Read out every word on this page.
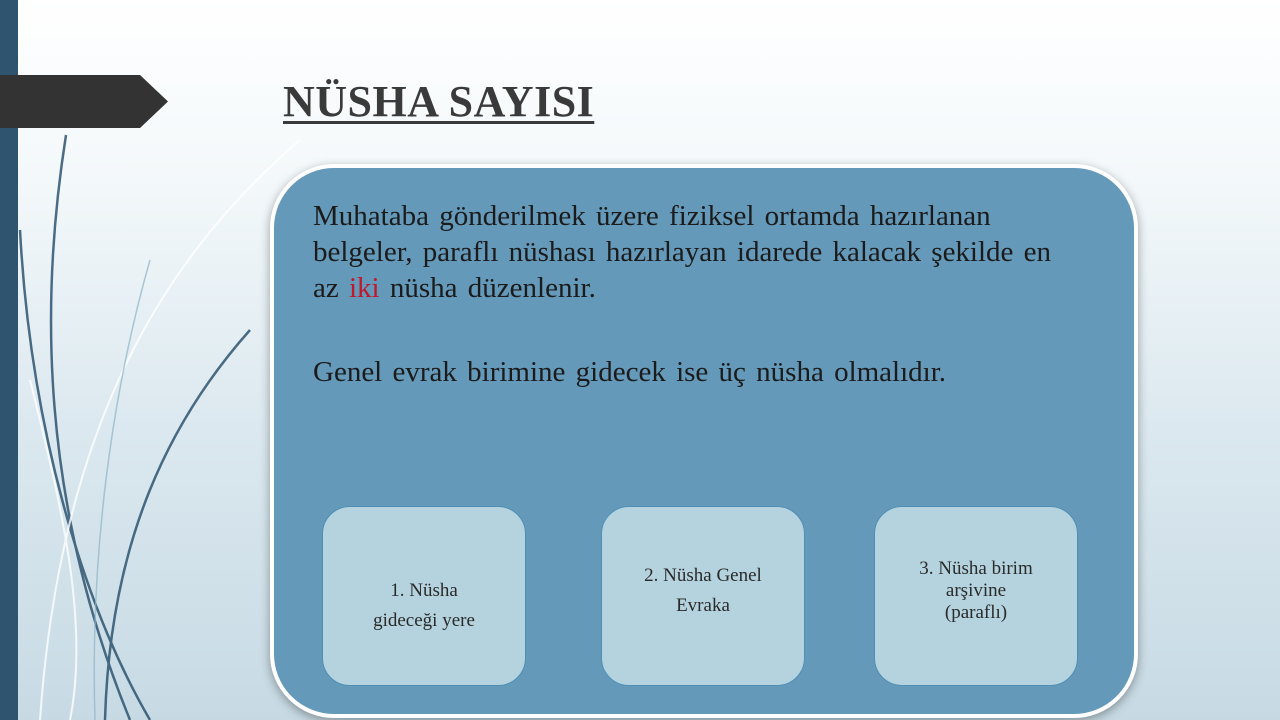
NÜSHA SAYISI

Muhataba gönderilmek üzere fiziksel ortamda hazırlanan belgeler, paraflı nüshası hazırlayan idarede kalacak şekilde en az iki nüsha düzenlenir.

Genel evrak birimine gidecek ise üç nüsha olmalıdır.

1. Nüsha
gideceği yere
2. Nüsha Genel
Evraka
3. Nüsha birim
arşivine
(paraflı)
